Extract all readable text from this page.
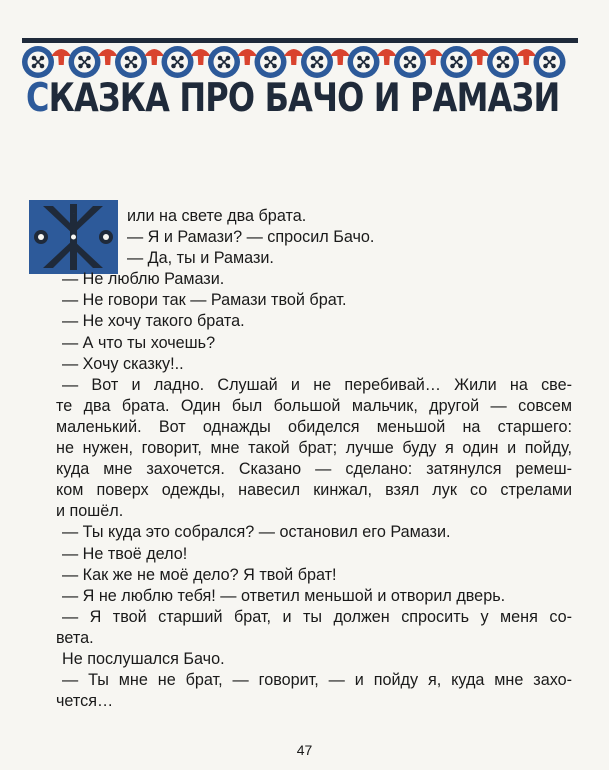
СКАЗКА ПРО БАЧО И РАМАЗИ
Ж	или на свете два брата.
— Я и Рамази? — спросил Бачо.
— Да, ты и Рамази.
— Не люблю Рамази.
— Не говори так — Рамази твой брат.
— Не хочу такого брата.
— А что ты хочешь?
— Хочу сказку!..
— Вот и ладно. Слушай и не перебивай… Жили на све-
те два брата. Один был большой мальчик, другой — совсем
маленький. Вот однажды обиделся меньшой на старшего:
не нужен, говорит, мне такой брат; лучше буду я один и пойду,
куда мне захочется. Сказано — сделано: затянулся ремеш-
ком поверх одежды, навесил кинжал, взял лук со стрелами
и пошёл.
— Ты куда это собрался? — остановил его Рамази.
— Не твоё дело!
— Как же не моё дело? Я твой брат!
— Я не люблю тебя! — ответил меньшой и отворил дверь.
— Я твой старший брат, и ты должен спросить у меня со-
вета.
Не послушался Бачо.
— Ты мне не брат, — говорит, — и пойду я, куда мне захо-
чется…
47
